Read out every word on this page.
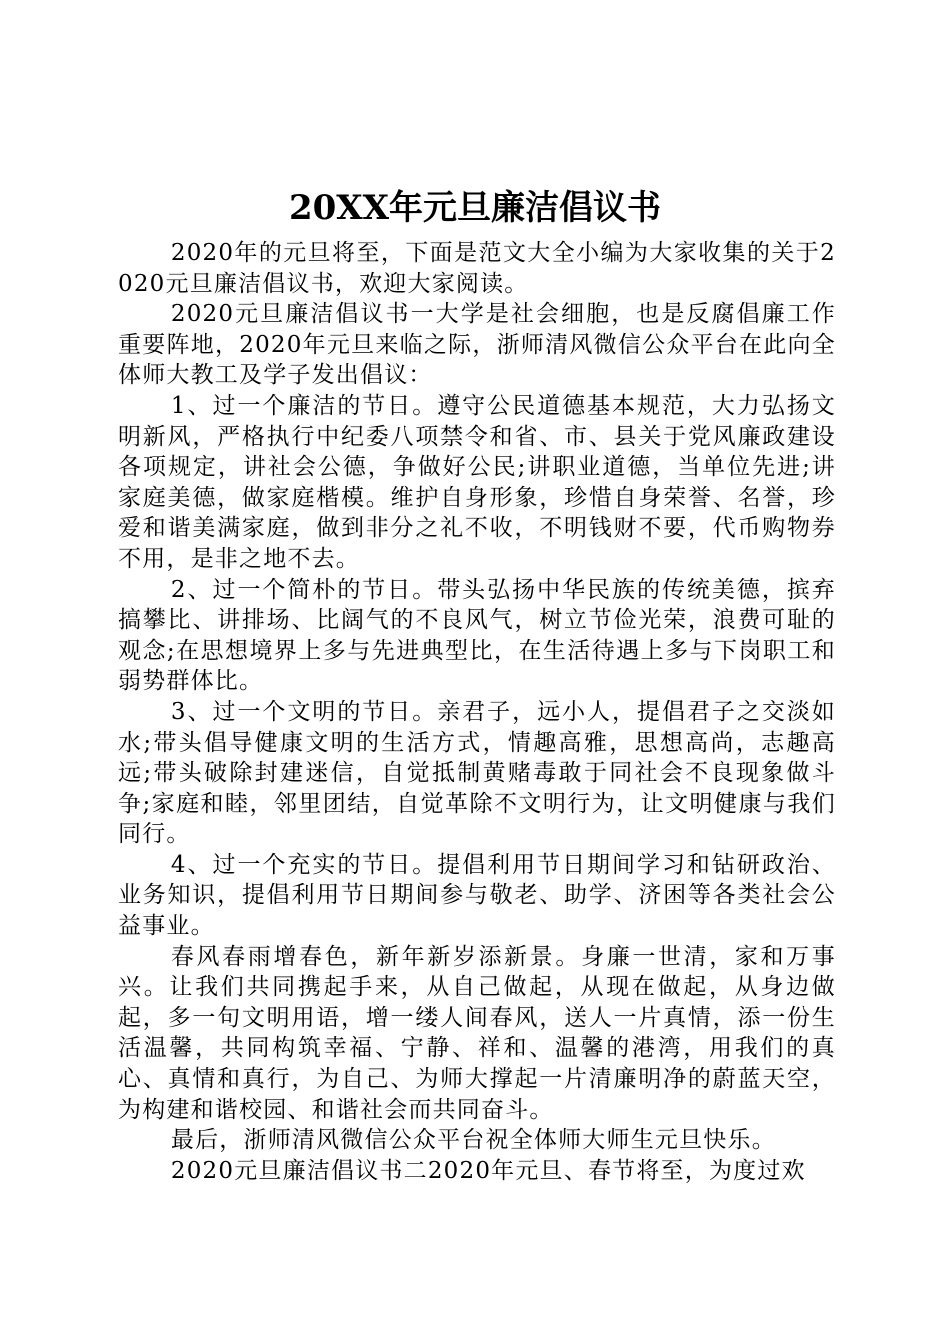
20XX年元旦廉洁倡议书

2020年的元旦将至，下面是范文大全小编为大家收集的关于2020元旦廉洁倡议书，欢迎大家阅读。

2020元旦廉洁倡议书一大学是社会细胞，也是反腐倡廉工作重要阵地，2020年元旦来临之际，浙师清风微信公众平台在此向全体师大教工及学子发出倡议：

1、过一个廉洁的节日。遵守公民道德基本规范，大力弘扬文明新风，严格执行中纪委八项禁令和省、市、县关于党风廉政建设各项规定，讲社会公德，争做好公民;讲职业道德，当单位先进;讲家庭美德，做家庭楷模。维护自身形象，珍惜自身荣誉、名誉，珍爱和谐美满家庭，做到非分之礼不收，不明钱财不要，代币购物券不用，是非之地不去。

2、过一个简朴的节日。带头弘扬中华民族的传统美德，摈弃搞攀比、讲排场、比阔气的不良风气，树立节俭光荣，浪费可耻的观念;在思想境界上多与先进典型比，在生活待遇上多与下岗职工和弱势群体比。

3、过一个文明的节日。亲君子，远小人，提倡君子之交淡如水;带头倡导健康文明的生活方式，情趣高雅，思想高尚，志趣高远;带头破除封建迷信，自觉抵制黄赌毒敢于同社会不良现象做斗争;家庭和睦，邻里团结，自觉革除不文明行为，让文明健康与我们同行。

4、过一个充实的节日。提倡利用节日期间学习和钻研政治、业务知识，提倡利用节日期间参与敬老、助学、济困等各类社会公益事业。

春风春雨增春色，新年新岁添新景。身廉一世清，家和万事兴。让我们共同携起手来，从自己做起，从现在做起，从身边做起，多一句文明用语，增一缕人间春风，送人一片真情，添一份生活温馨，共同构筑幸福、宁静、祥和、温馨的港湾，用我们的真心、真情和真行，为自己、为师大撑起一片清廉明净的蔚蓝天空，为构建和谐校园、和谐社会而共同奋斗。

最后，浙师清风微信公众平台祝全体师大师生元旦快乐。

2020元旦廉洁倡议书二2020年元旦、春节将至，为度过欢
